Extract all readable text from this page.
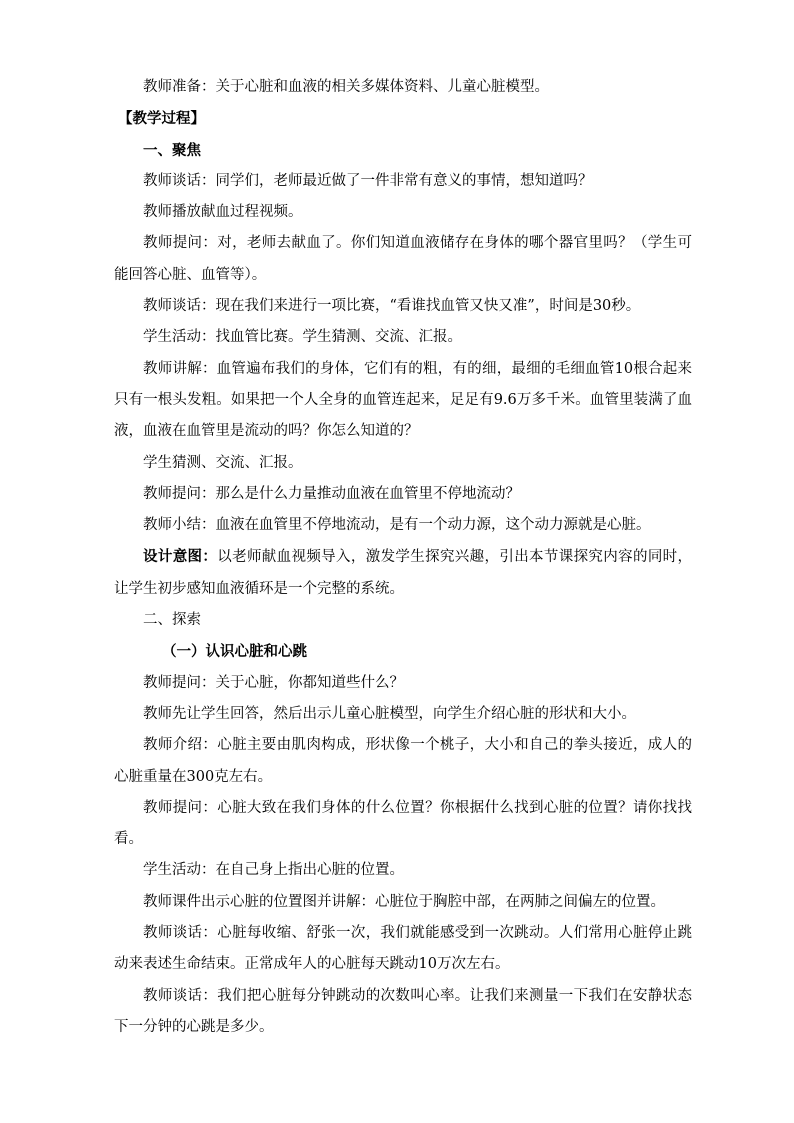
教师准备：关于心脏和血液的相关多媒体资料、儿童心脏模型。

【教学过程】

一、聚焦

教师谈话：同学们，老师最近做了一件非常有意义的事情，想知道吗？

教师播放献血过程视频。

教师提问：对，老师去献血了。你们知道血液储存在身体的哪个器官里吗？（学生可能回答心脏、血管等）。

教师谈话：现在我们来进行一项比赛，“看谁找血管又快又准”，时间是30秒。

学生活动：找血管比赛。学生猜测、交流、汇报。

教师讲解：血管遍布我们的身体，它们有的粗，有的细，最细的毛细血管10根合起来只有一根头发粗。如果把一个人全身的血管连起来，足足有9.6万多千米。血管里装满了血液，血液在血管里是流动的吗？你怎么知道的？

学生猜测、交流、汇报。

教师提问：那么是什么力量推动血液在血管里不停地流动？

教师小结：血液在血管里不停地流动，是有一个动力源，这个动力源就是心脏。

设计意图：以老师献血视频导入，激发学生探究兴趣，引出本节课探究内容的同时，让学生初步感知血液循环是一个完整的系统。

二、探索

（一）认识心脏和心跳

教师提问：关于心脏，你都知道些什么？

教师先让学生回答，然后出示儿童心脏模型，向学生介绍心脏的形状和大小。

教师介绍：心脏主要由肌肉构成，形状像一个桃子，大小和自己的拳头接近，成人的心脏重量在300克左右。

教师提问：心脏大致在我们身体的什么位置？你根据什么找到心脏的位置？请你找找看。

学生活动：在自己身上指出心脏的位置。

教师课件出示心脏的位置图并讲解：心脏位于胸腔中部，在两肺之间偏左的位置。

教师谈话：心脏每收缩、舒张一次，我们就能感受到一次跳动。人们常用心脏停止跳动来表述生命结束。正常成年人的心脏每天跳动10万次左右。

教师谈话：我们把心脏每分钟跳动的次数叫心率。让我们来测量一下我们在安静状态下一分钟的心跳是多少。
